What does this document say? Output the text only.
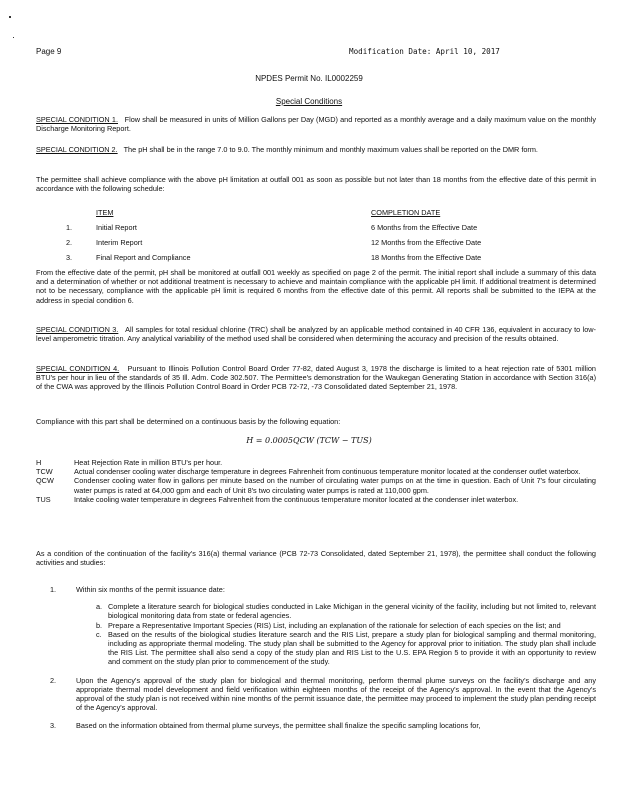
Page 9	Modification Date: April 10, 2017
NPDES Permit No. IL0002259
Special Conditions
SPECIAL CONDITION 1. Flow shall be measured in units of Million Gallons per Day (MGD) and reported as a monthly average and a daily maximum value on the monthly Discharge Monitoring Report.
SPECIAL CONDITION 2. The pH shall be in the range 7.0 to 9.0. The monthly minimum and monthly maximum values shall be reported on the DMR form.
The permittee shall achieve compliance with the above pH limitation at outfall 001 as soon as possible but not later than 18 months from the effective date of this permit in accordance with the following schedule:
ITEM	COMPLETION DATE
1.	Initial Report	6 Months from the Effective Date
2.	Interim Report	12 Months from the Effective Date
3.	Final Report and Compliance	18 Months from the Effective Date
From the effective date of the permit, pH shall be monitored at outfall 001 weekly as specified on page 2 of the permit. The initial report shall include a summary of this data and a determination of whether or not additional treatment is necessary to achieve and maintain compliance with the applicable pH limit. If additional treatment is determined not to be necessary, compliance with the applicable pH limit is required 6 months from the effective date of this permit. All reports shall be submitted to the IEPA at the address in special condition 6.
SPECIAL CONDITION 3. All samples for total residual chlorine (TRC) shall be analyzed by an applicable method contained in 40 CFR 136, equivalent in accuracy to low-level amperometric titration. Any analytical variability of the method used shall be considered when determining the accuracy and precision of the results obtained.
SPECIAL CONDITION 4. Pursuant to Illinois Pollution Control Board Order 77-82, dated August 3, 1978 the discharge is limited to a heat rejection rate of 5301 million BTU's per hour in lieu of the standards of 35 Ill. Adm. Code 302.507. The Permittee's demonstration for the Waukegan Generating Station in accordance with Section 316(a) of the CWA was approved by the Illinois Pollution Control Board in Order PCB 72-72, -73 Consolidated dated September 21, 1978.
Compliance with this part shall be determined on a continuous basis by the following equation:
H = 0.0005QCW (TCW − TUS)
H	Heat Rejection Rate in million BTU's per hour.
TCW	Actual condenser cooling water discharge temperature in degrees Fahrenheit from continuous temperature monitor located at the condenser outlet waterbox.
QCW	Condenser cooling water flow in gallons per minute based on the number of circulating water pumps on at the time in question. Each of Unit 7's four circulating water pumps is rated at 64,000 gpm and each of Unit 8's two circulating water pumps is rated at 110,000 gpm.
TUS	Intake cooling water temperature in degrees Fahrenheit from the continuous temperature monitor located at the condenser inlet waterbox.
As a condition of the continuation of the facility's 316(a) thermal variance (PCB 72-73 Consolidated, dated September 21, 1978), the permittee shall conduct the following activities and studies:
1.	Within six months of the permit issuance date:
a. Complete a literature search for biological studies conducted in Lake Michigan in the general vicinity of the facility, including but not limited to, relevant biological monitoring data from state or federal agencies.
b. Prepare a Representative Important Species (RIS) List, including an explanation of the rationale for selection of each species on the list; and
c. Based on the results of the biological studies literature search and the RIS List, prepare a study plan for biological sampling and thermal monitoring, including as appropriate thermal modeling. The study plan shall be submitted to the Agency for approval prior to initiation. The study plan shall include the RIS List. The permittee shall also send a copy of the study plan and RIS List to the U.S. EPA Region 5 to provide it with an opportunity to review and comment on the study plan prior to commencement of the study.
2.	Upon the Agency's approval of the study plan for biological and thermal monitoring, perform thermal plume surveys on the facility's discharge and any appropriate thermal model development and field verification within eighteen months of the receipt of the Agency's approval. In the event that the Agency's approval of the study plan is not received within nine months of the permit issuance date, the permittee may proceed to implement the study plan pending receipt of the Agency's approval.
3.	Based on the information obtained from thermal plume surveys, the permittee shall finalize the specific sampling locations for,
